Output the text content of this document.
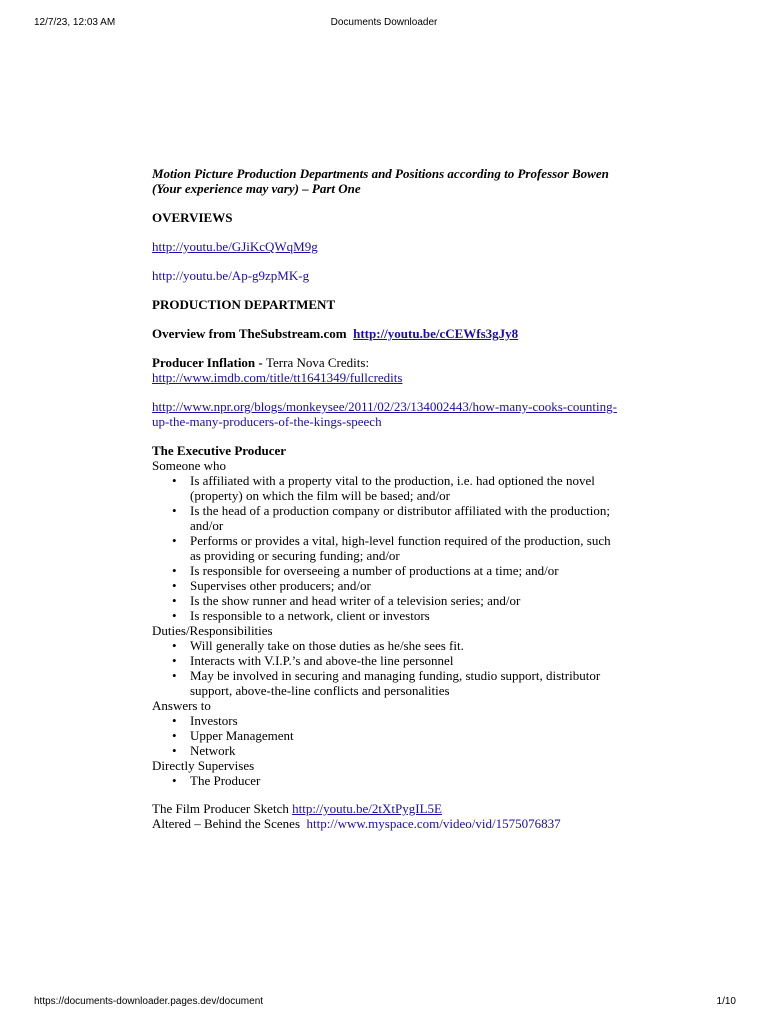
12/7/23, 12:03 AM	Documents Downloader

Motion Picture Production Departments and Positions according to Professor Bowen
(Your experience may vary) – Part One

OVERVIEWS

http://youtu.be/GJiKcQWqM9g

http://youtu.be/Ap-g9zpMK-g

PRODUCTION DEPARTMENT

Overview from TheSubstream.com http://youtu.be/cCEWfs3gJy8

Producer Inflation - Terra Nova Credits:

http://www.imdb.com/title/tt1641349/fullcredits

http://www.npr.org/blogs/monkeysee/2011/02/23/134002443/how-many-cooks-counting-
up-the-many-producers-of-the-kings-speech

The Executive Producer

Someone who

• Is affiliated with a property vital to the production, i.e. had optioned the novel (property) on which the film will be based; and/or
• Is the head of a production company or distributor affiliated with the production; and/or
• Performs or provides a vital, high-level function required of the production, such as providing or securing funding; and/or
• Is responsible for overseeing a number of productions at a time; and/or
• Supervises other producers; and/or
• Is the show runner and head writer of a television series; and/or
• Is responsible to a network, client or investors

Duties/Responsibilities

• Will generally take on those duties as he/she sees fit.
• Interacts with V.I.P.’s and above-the line personnel
• May be involved in securing and managing funding, studio support, distributor support, above-the-line conflicts and personalities

Answers to

• Investors
• Upper Management
• Network

Directly Supervises

• The Producer

The Film Producer Sketch http://youtu.be/2tXtPygIL5E

Altered – Behind the Scenes  http://www.myspace.com/video/vid/1575076837

https://documents-downloader.pages.dev/document	1/10
